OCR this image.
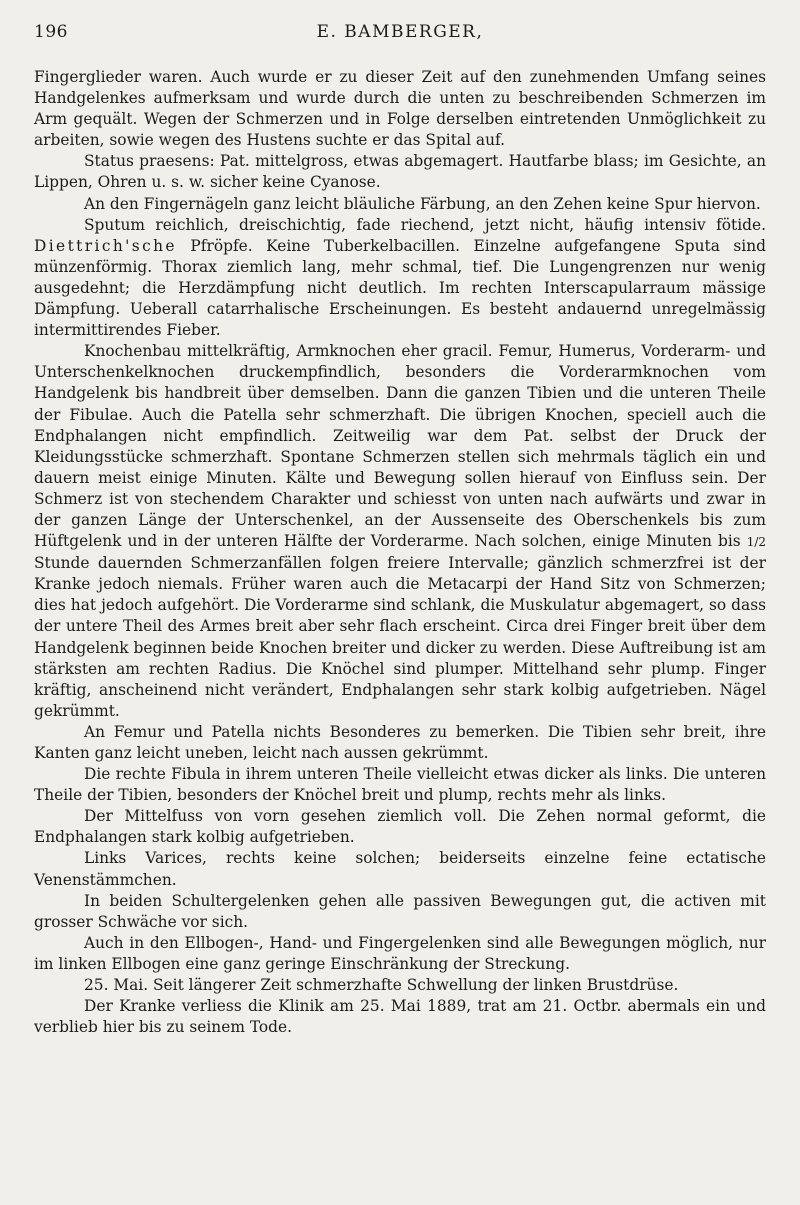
196	E. BAMBERGER,

Fingerglieder waren. Auch wurde er zu dieser Zeit auf den zunehmenden Umfang seines Handgelenkes aufmerksam und wurde durch die unten zu beschreibenden Schmerzen im Arm gequält. Wegen der Schmerzen und in Folge derselben eintretenden Unmöglichkeit zu arbeiten, sowie wegen des Hustens suchte er das Spital auf.

Status praesens: Pat. mittelgross, etwas abgemagert. Hautfarbe blass; im Gesichte, an Lippen, Ohren u. s. w. sicher keine Cyanose.

An den Fingernägeln ganz leicht bläuliche Färbung, an den Zehen keine Spur hiervon.

Sputum reichlich, dreischichtig, fade riechend, jetzt nicht, häufig intensiv fötide. Diettrich'sche Pfröpfe. Keine Tuberkelbacillen. Einzelne aufgefangene Sputa sind münzenförmig. Thorax ziemlich lang, mehr schmal, tief. Die Lungengrenzen nur wenig ausgedehnt; die Herzdämpfung nicht deutlich. Im rechten Interscapularraum mässige Dämpfung. Ueberall catarrhalische Erscheinungen. Es besteht andauernd unregelmässig intermittirendes Fieber.

Knochenbau mittelkräftig, Armknochen eher gracil. Femur, Humerus, Vorderarm- und Unterschenkelknochen druckempfindlich, besonders die Vorderarmknochen vom Handgelenk bis handbreit über demselben. Dann die ganzen Tibien und die unteren Theile der Fibulae. Auch die Patella sehr schmerzhaft. Die übrigen Knochen, speciell auch die Endphalangen nicht empfindlich. Zeitweilig war dem Pat. selbst der Druck der Kleidungsstücke schmerzhaft. Spontane Schmerzen stellen sich mehrmals täglich ein und dauern meist einige Minuten. Kälte und Bewegung sollen hierauf von Einfluss sein. Der Schmerz ist von stechendem Charakter und schiesst von unten nach aufwärts und zwar in der ganzen Länge der Unterschenkel, an der Aussenseite des Oberschenkels bis zum Hüftgelenk und in der unteren Hälfte der Vorderarme. Nach solchen, einige Minuten bis 1/2 Stunde dauernden Schmerzanfällen folgen freiere Intervalle; gänzlich schmerzfrei ist der Kranke jedoch niemals. Früher waren auch die Metacarpi der Hand Sitz von Schmerzen; dies hat jedoch aufgehört. Die Vorderarme sind schlank, die Muskulatur abgemagert, so dass der untere Theil des Armes breit aber sehr flach erscheint. Circa drei Finger breit über dem Handgelenk beginnen beide Knochen breiter und dicker zu werden. Diese Auftreibung ist am stärksten am rechten Radius. Die Knöchel sind plumper. Mittelhand sehr plump. Finger kräftig, anscheinend nicht verändert, Endphalangen sehr stark kolbig aufgetrieben. Nägel gekrümmt.

An Femur und Patella nichts Besonderes zu bemerken. Die Tibien sehr breit, ihre Kanten ganz leicht uneben, leicht nach aussen gekrümmt.

Die rechte Fibula in ihrem unteren Theile vielleicht etwas dicker als links. Die unteren Theile der Tibien, besonders der Knöchel breit und plump, rechts mehr als links.

Der Mittelfuss von vorn gesehen ziemlich voll. Die Zehen normal geformt, die Endphalangen stark kolbig aufgetrieben.

Links Varices, rechts keine solchen; beiderseits einzelne feine ectatische Venenstämmchen.

In beiden Schultergelenken gehen alle passiven Bewegungen gut, die activen mit grosser Schwäche vor sich.

Auch in den Ellbogen-, Hand- und Fingergelenken sind alle Bewegungen möglich, nur im linken Ellbogen eine ganz geringe Einschränkung der Streckung.

25. Mai. Seit längerer Zeit schmerzhafte Schwellung der linken Brustdrüse.

Der Kranke verliess die Klinik am 25. Mai 1889, trat am 21. Octbr. abermals ein und verblieb hier bis zu seinem Tode.
